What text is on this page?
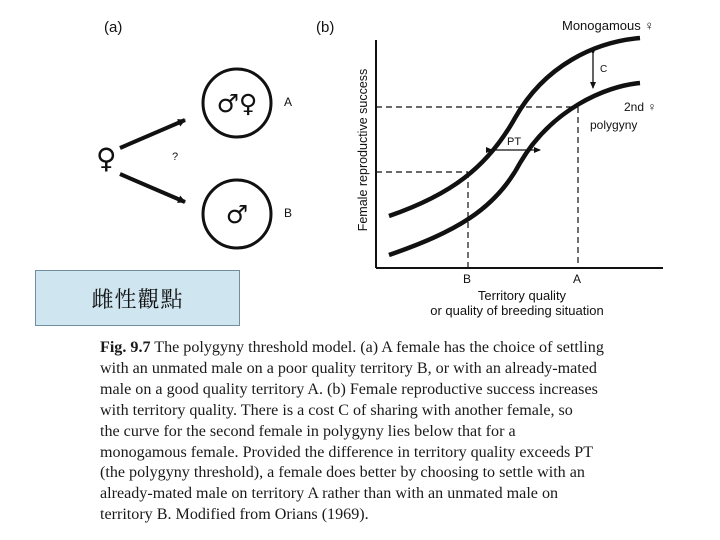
(a)
♀	?
♂♀ A
♂	B
(b)
Female reproductive success	PT
C
Monogamous ♀
2nd ♀
polygyny
B	A
Territory quality
or quality of breeding situation
雌性觀點
Fig. 9.7 The polygyny threshold model. (a) A female has the choice of settling
with an unmated male on a poor quality territory B, or with an already-mated
male on a good quality territory A. (b) Female reproductive success increases
with territory quality. There is a cost C of sharing with another female, so
the curve for the second female in polygyny lies below that for a
monogamous female. Provided the difference in territory quality exceeds PT
(the polygyny threshold), a female does better by choosing to settle with an
already-mated male on territory A rather than with an unmated male on
territory B. Modified from Orians (1969).
